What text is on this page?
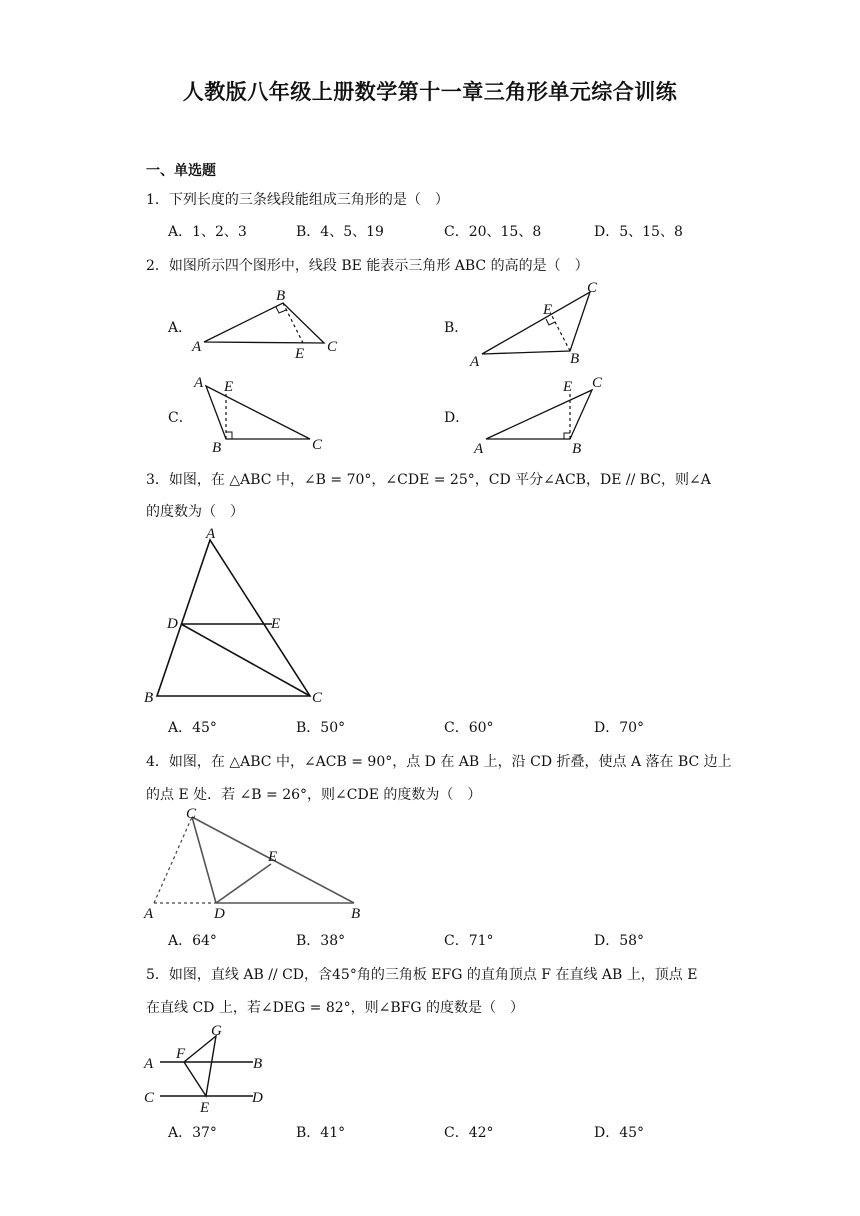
人教版八年级上册数学第十一章三角形单元综合训练
一、单选题
1．下列长度的三条线段能组成三角形的是（　）
A．1、2、3	B．4、5、19	C．20、15、8	D．5、15、8
2．如图所示四个图形中，线段 BE 能表示三角形 ABC 的高的是（　）
A．
B
A	E C
B．
C
E
A	B
C．
A E
B	C
D．
E C
A	B
3．如图，在 △ABC 中，∠B = 70°，∠CDE = 25°，CD 平分∠ACB，DE // BC，则∠A
的度数为（　）
A
D	E
B	C
A．45°	B．50°	C．60°	D．70°
4．如图，在 △ABC 中，∠ACB = 90°，点 D 在 AB 上，沿 CD 折叠，使点 A 落在 BC 边上
的点 E 处．若 ∠B = 26°，则∠CDE 的度数为（　）
C
E
A	D	B
A．64°	B．38°	C．71°	D．58°
5．如图，直线 AB // CD，含45°角的三角板 EFG 的直角顶点 F 在直线 AB 上，顶点 E
在直线 CD 上，若∠DEG = 82°，则∠BFG 的度数是（　）
G
A
F
B
C
E
D
A．37°	B．41°	C．42°	D．45°
